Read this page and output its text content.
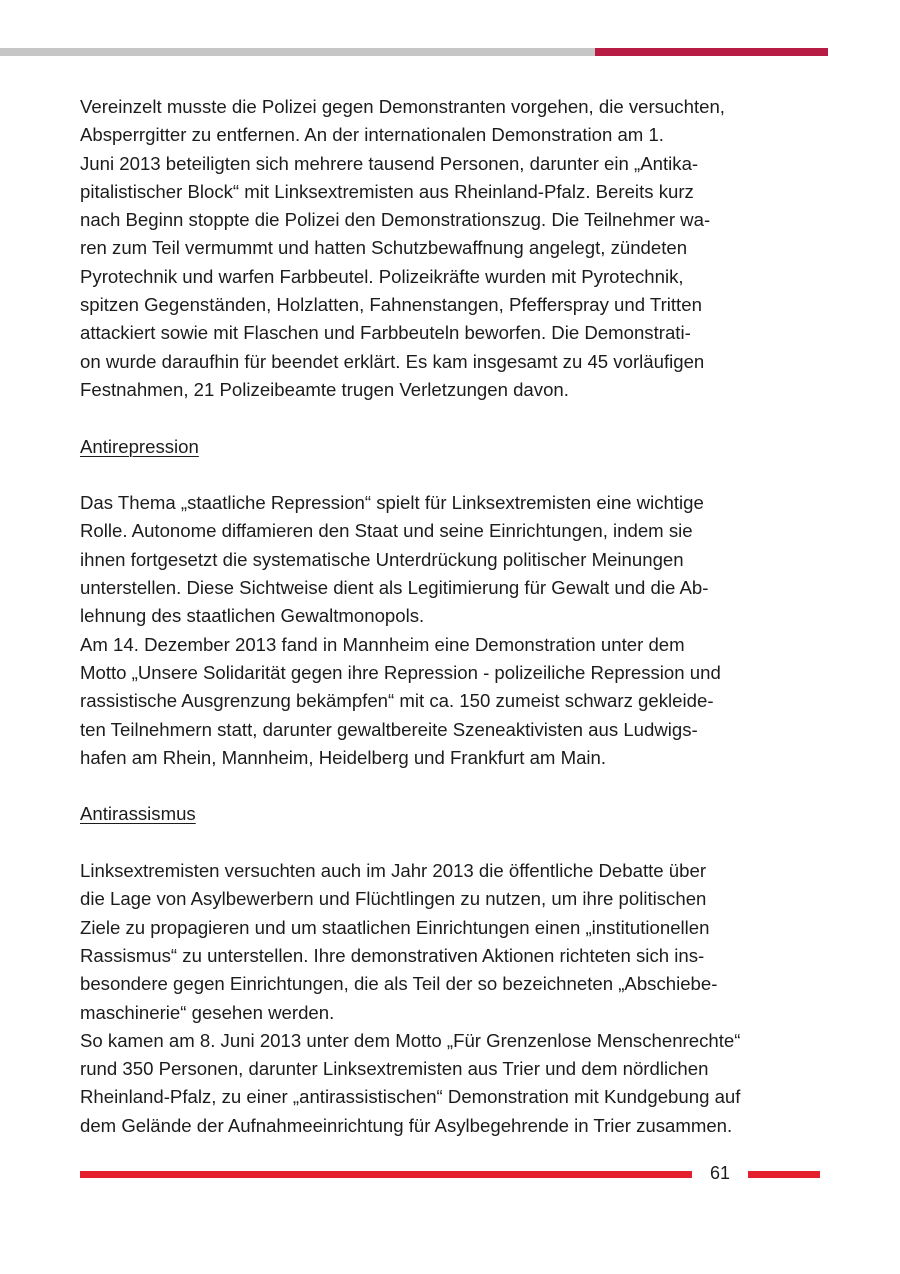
Vereinzelt musste die Polizei gegen Demonstranten vorgehen, die versuchten,
Absperrgitter zu entfernen. An der internationalen Demonstration am 1.
Juni 2013 beteiligten sich mehrere tausend Personen, darunter ein „Antika-
pitalistischer Block“ mit Linksextremisten aus Rheinland-Pfalz. Bereits kurz
nach Beginn stoppte die Polizei den Demonstrationszug. Die Teilnehmer wa-
ren zum Teil vermummt und hatten Schutzbewaffnung angelegt, zündeten
Pyrotechnik und warfen Farbbeutel. Polizeikräfte wurden mit Pyrotechnik,
spitzen Gegenständen, Holzlatten, Fahnenstangen, Pfefferspray und Tritten
attackiert sowie mit Flaschen und Farbbeuteln beworfen. Die Demonstrati-
on wurde daraufhin für beendet erklärt. Es kam insgesamt zu 45 vorläufigen
Festnahmen, 21 Polizeibeamte trugen Verletzungen davon.
Antirepression
Das Thema „staatliche Repression“ spielt für Linksextremisten eine wichtige
Rolle. Autonome diffamieren den Staat und seine Einrichtungen, indem sie
ihnen fortgesetzt die systematische Unterdrückung politischer Meinungen
unterstellen. Diese Sichtweise dient als Legitimierung für Gewalt und die Ab-
lehnung des staatlichen Gewaltmonopols.
Am 14. Dezember 2013 fand in Mannheim eine Demonstration unter dem
Motto „Unsere Solidarität gegen ihre Repression - polizeiliche Repression und
rassistische Ausgrenzung bekämpfen“ mit ca. 150 zumeist schwarz gekleide-
ten Teilnehmern statt, darunter gewaltbereite Szeneaktivisten aus Ludwigs-
hafen am Rhein, Mannheim, Heidelberg und Frankfurt am Main.
Antirassismus
Linksextremisten versuchten auch im Jahr 2013 die öffentliche Debatte über
die Lage von Asylbewerbern und Flüchtlingen zu nutzen, um ihre politischen
Ziele zu propagieren und um staatlichen Einrichtungen einen „institutionellen
Rassismus“ zu unterstellen. Ihre demonstrativen Aktionen richteten sich ins-
besondere gegen Einrichtungen, die als Teil der so bezeichneten „Abschiebe-
maschinerie“ gesehen werden.
So kamen am 8. Juni 2013 unter dem Motto „Für Grenzenlose Menschenrechte“
rund 350 Personen, darunter Linksextremisten aus Trier und dem nördlichen
Rheinland-Pfalz, zu einer „antirassistischen“ Demonstration mit Kundgebung auf
dem Gelände der Aufnahmeeinrichtung für Asylbegehrende in Trier zusammen.
61
